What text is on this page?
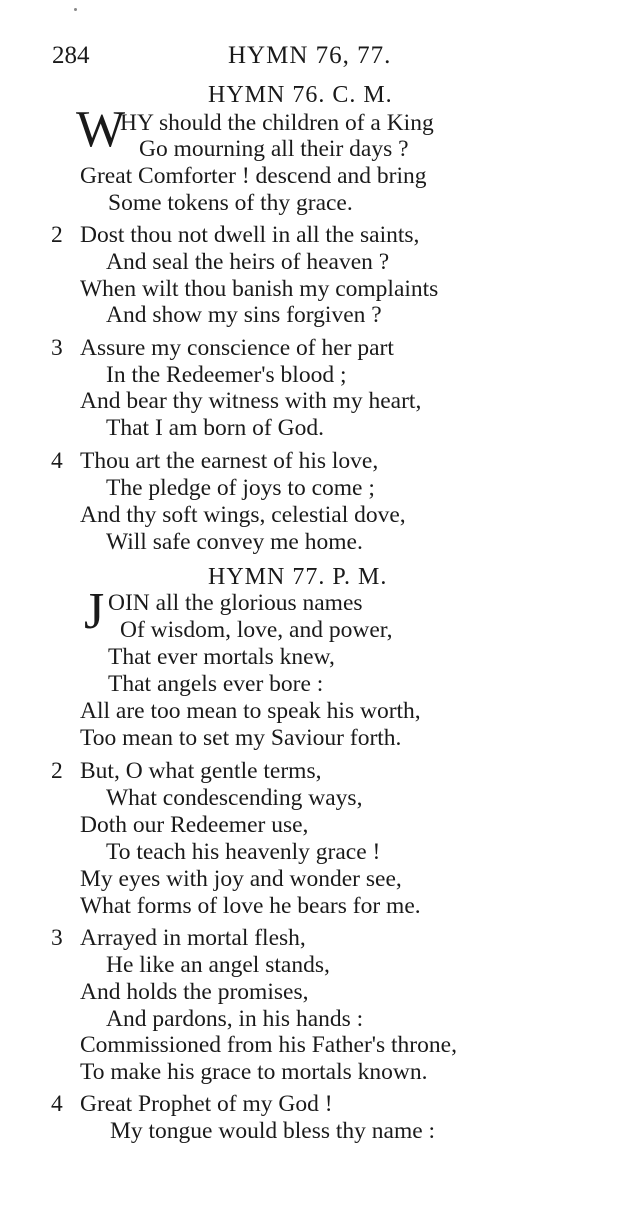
284	HYMN 76, 77.
HYMN 76. C. M.
W
HY should the children of a King
Go mourning all their days ?
Great Comforter ! descend and bring
Some tokens of thy grace.
2 Dost thou not dwell in all the saints,
And seal the heirs of heaven ?
When wilt thou banish my complaints
And show my sins forgiven ?
3 Assure my conscience of her part
In the Redeemer's blood ;
And bear thy witness with my heart,
That I am born of God.
4 Thou art the earnest of his love,
The pledge of joys to come ;
And thy soft wings, celestial dove,
Will safe convey me home.
HYMN 77. P. M.
J OIN all the glorious names
Of wisdom, love, and power,
That ever mortals knew,
That angels ever bore :
All are too mean to speak his worth,
Too mean to set my Saviour forth.
2 But, O what gentle terms,
What condescending ways,
Doth our Redeemer use,
To teach his heavenly grace !
My eyes with joy and wonder see,
What forms of love he bears for me.
3 Arrayed in mortal flesh,
He like an angel stands,
And holds the promises,
And pardons, in his hands :
Commissioned from his Father's throne,
To make his grace to mortals known.
4 Great Prophet of my God !
My tongue would bless thy name :
